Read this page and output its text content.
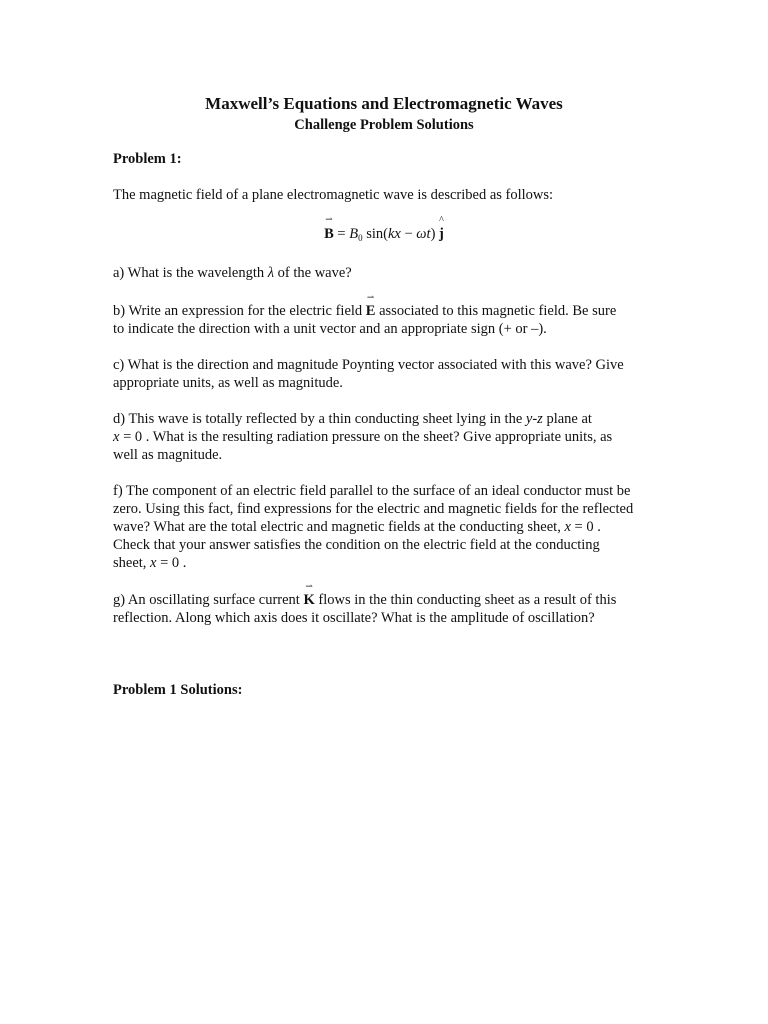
Maxwell’s Equations and Electromagnetic Waves
Challenge Problem Solutions
Problem 1:
The magnetic field of a plane electromagnetic wave is described as follows:
⇀
$B = B_0$ sin(kx − ωt)
^
j
a) What is the wavelength λ of the wave?
b) Write an expression for the electric field
⇀
E associated to this magnetic field. Be sure
to indicate the direction with a unit vector and an appropriate sign (+ or –).
c) What is the direction and magnitude Poynting vector associated with this wave? Give
appropriate units, as well as magnitude.
d) This wave is totally reflected by a thin conducting sheet lying in the y-z plane at
x = 0 . What is the resulting radiation pressure on the sheet? Give appropriate units, as
well as magnitude.
f) The component of an electric field parallel to the surface of an ideal conductor must be
zero. Using this fact, find expressions for the electric and magnetic fields for the reflected
wave? What are the total electric and magnetic fields at the conducting sheet, x = 0 .
Check that your answer satisfies the condition on the electric field at the conducting
sheet, x = 0 .
g) An oscillating surface current
⇀
K flows in the thin conducting sheet as a result of this
reflection. Along which axis does it oscillate? What is the amplitude of oscillation?
Problem 1 Solutions:
